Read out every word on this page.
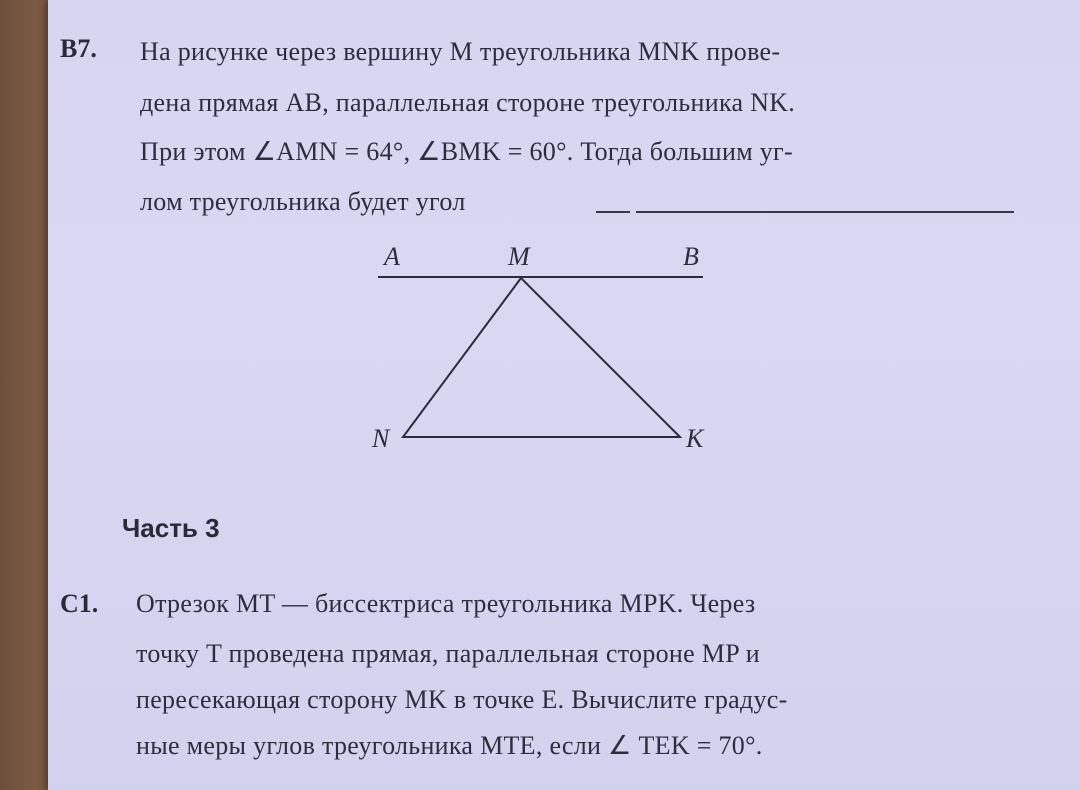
B7. На рисунке через вершину M треугольника MNK прове-
дена прямая AB, параллельная стороне треугольника NK.
При этом ∠AMN = 64°, ∠BMK = 60°. Тогда большим уг-
лом треугольника будет угол
A	M	B
N	K
Часть 3
C1. Отрезок MT — биссектриса треугольника MPK. Через
точку T проведена прямая, параллельная стороне MP и
пересекающая сторону MK в точке E. Вычислите градус-
ные меры углов треугольника MTE, если ∠ TEK = 70°.
